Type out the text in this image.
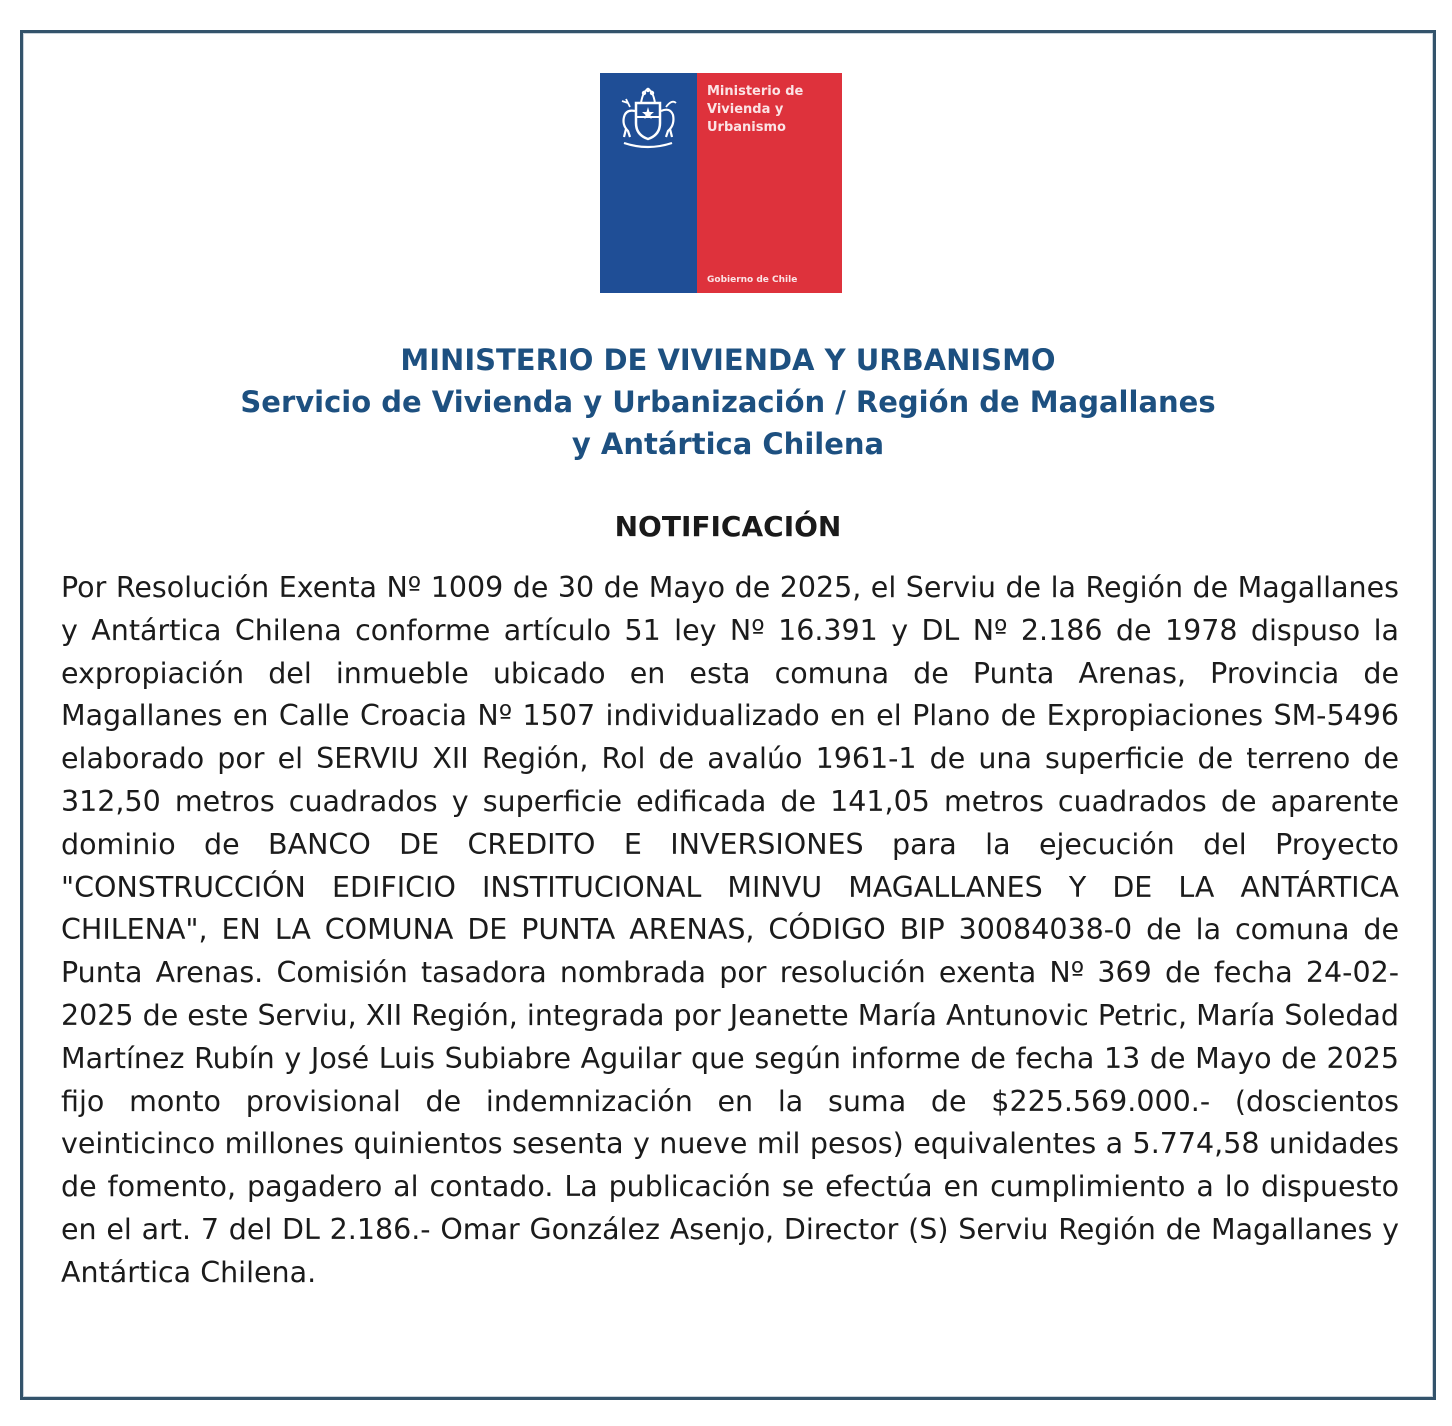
Ministerio de
Vivienda y
Urbanismo
Gobierno de Chile
MINISTERIO DE VIVIENDA Y URBANISMO
Servicio de Vivienda y Urbanización / Región de Magallanes
y Antártica Chilena
NOTIFICACIÓN
Por Resolución Exenta Nº 1009 de 30 de Mayo de 2025, el Serviu de la Región de Magallanes y Antártica Chilena conforme artículo 51 ley Nº 16.391 y DL Nº 2.186 de 1978 dispuso la expropiación del inmueble ubicado en esta comuna de Punta Arenas, Provincia de Magallanes en Calle Croacia Nº 1507 individualizado en el Plano de Expropiaciones SM-5496 elaborado por el SERVIU XII Región, Rol de avalúo 1961-1 de una superficie de terreno de 312,50 metros cuadrados y superficie edificada de 141,05 metros cuadrados de aparente dominio de BANCO DE CREDITO E INVERSIONES para la ejecución del Proyecto "CONSTRUCCIÓN EDIFICIO INSTITUCIONAL MINVU MAGALLANES Y DE LA ANTÁRTICA CHILENA", EN LA COMUNA DE PUNTA ARENAS, CÓDIGO BIP 30084038-0 de la comuna de Punta Arenas. Comisión tasadora nombrada por resolución exenta Nº 369 de fecha 24-02-2025 de este Serviu, XII Región, integrada por Jeanette María Antunovic Petric, María Soledad Martínez Rubín y José Luis Subiabre Aguilar que según informe de fecha 13 de Mayo de 2025 fijo monto provisional de indemnización en la suma de $225.569.000.- (doscientos veinticinco millones quinientos sesenta y nueve mil pesos) equivalentes a 5.774,58 unidades de fomento, pagadero al contado. La publicación se efectúa en cumplimiento a lo dispuesto en el art. 7 del DL 2.186.- Omar González Asenjo, Director (S) Serviu Región de Magallanes y Antártica Chilena.
